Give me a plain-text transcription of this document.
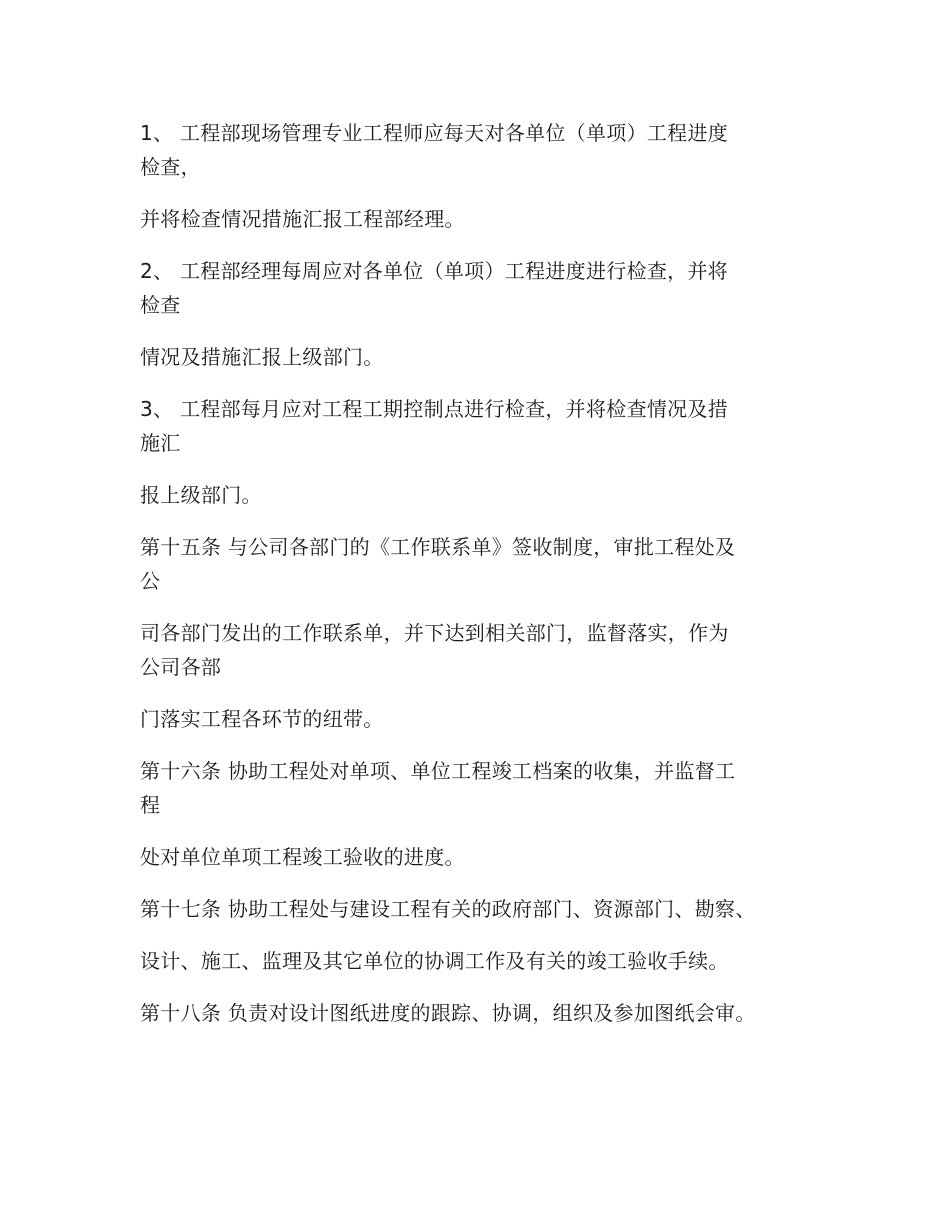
1、 工程部现场管理专业工程师应每天对各单位（单项）工程进度

检查，

并将检查情况措施汇报工程部经理。

2、 工程部经理每周应对各单位（单项）工程进度进行检查，并将

检查

情况及措施汇报上级部门。

3、 工程部每月应对工程工期控制点进行检查，并将检查情况及措

施汇

报上级部门。

第十五条 与公司各部门的《工作联系单》签收制度，审批工程处及

公

司各部门发出的工作联系单，并下达到相关部门，监督落实，作为

公司各部

门落实工程各环节的纽带。

第十六条 协助工程处对单项、单位工程竣工档案的收集，并监督工

程

处对单位单项工程竣工验收的进度。

第十七条 协助工程处与建设工程有关的政府部门、资源部门、勘察、

设计、施工、监理及其它单位的协调工作及有关的竣工验收手续。

第十八条 负责对设计图纸进度的跟踪、协调，组织及参加图纸会审。
